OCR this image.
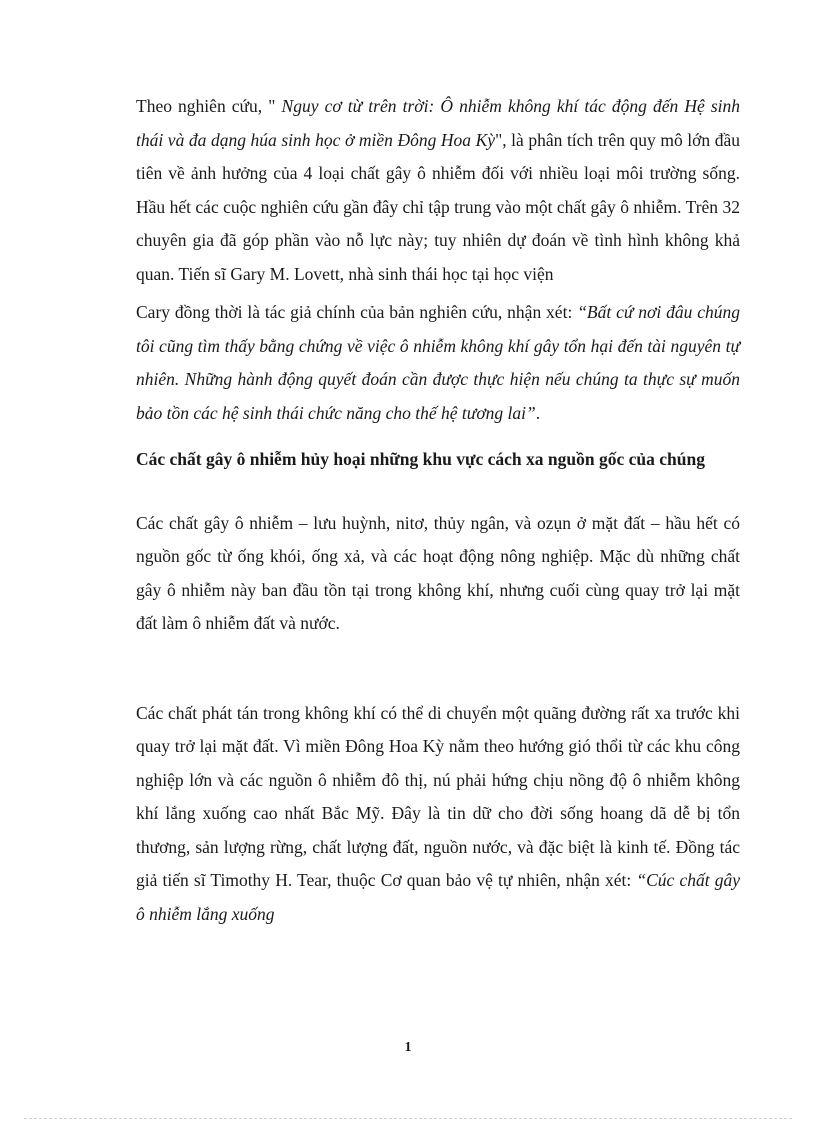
Theo nghiên cứu, " Nguy cơ từ trên trời: Ô nhiễm không khí tác động đến Hệ sinh thái và đa dạng húa sinh học ở miền Đông Hoa Kỳ", là phân tích trên quy mô lớn đầu tiên về ảnh hưởng của 4 loại chất gây ô nhiễm đối với nhiều loại môi trường sống. Hầu hết các cuộc nghiên cứu gần đây chỉ tập trung vào một chất gây ô nhiễm. Trên 32 chuyên gia đã góp phần vào nỗ lực này; tuy nhiên dự đoán về tình hình không khả quan. Tiến sĩ Gary M. Lovett, nhà sinh thái học tại học viện

Cary đồng thời là tác giả chính của bản nghiên cứu, nhận xét: “Bất cứ nơi đâu chúng tôi cũng tìm thấy bằng chứng về việc ô nhiễm không khí gây tổn hại đến tài nguyên tự nhiên. Những hành động quyết đoán cần được thực hiện nếu chúng ta thực sự muốn bảo tồn các hệ sinh thái chức năng cho thế hệ tương lai”.

Các chất gây ô nhiễm hủy hoại những khu vực cách xa nguồn gốc của chúng

Các chất gây ô nhiễm – lưu huỳnh, nitơ, thủy ngân, và ozụn ở mặt đất – hầu hết có nguồn gốc từ ống khói, ống xả, và các hoạt động nông nghiệp. Mặc dù những chất gây ô nhiễm này ban đầu tồn tại trong không khí, nhưng cuối cùng quay trở lại mặt đất làm ô nhiễm đất và nước.

Các chất phát tán trong không khí có thể di chuyển một quãng đường rất xa trước khi quay trở lại mặt đất. Vì miền Đông Hoa Kỳ nằm theo hướng gió thổi từ các khu công nghiệp lớn và các nguồn ô nhiễm đô thị, nú phải hứng chịu nồng độ ô nhiễm không khí lắng xuống cao nhất Bắc Mỹ. Đây là tin dữ cho đời sống hoang dã dễ bị tổn thương, sản lượng rừng, chất lượng đất, nguồn nước, và đặc biệt là kinh tế. Đồng tác giả tiến sĩ Timothy H. Tear, thuộc Cơ quan bảo vệ tự nhiên, nhận xét: “Cúc chất gây ô nhiễm lắng xuống

1
